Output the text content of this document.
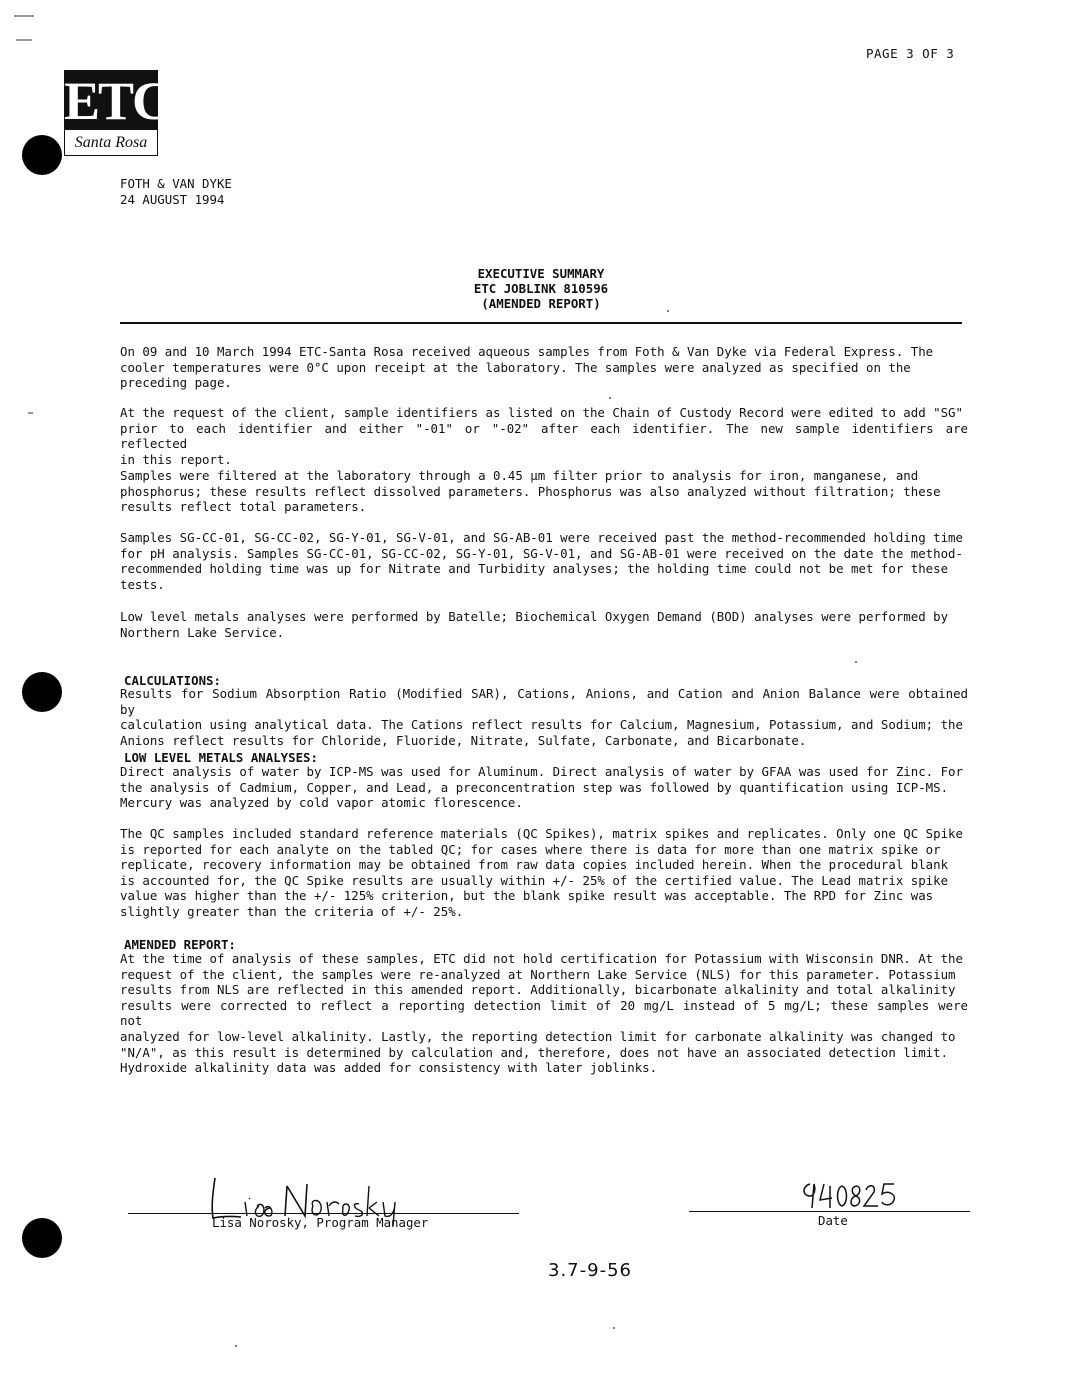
PAGE 3 OF 3
ETC
Santa Rosa
FOTH & VAN DYKE
24 AUGUST 1994
EXECUTIVE SUMMARY
ETC JOBLINK 810596
(AMENDED REPORT)
On 09 and 10 March 1994 ETC-Santa Rosa received aqueous samples from Foth & Van Dyke via Federal Express. The
cooler temperatures were 0°C upon receipt at the laboratory. The samples were analyzed as specified on the
preceding page.
At the request of the client, sample identifiers as listed on the Chain of Custody Record were edited to add "SG"
prior to each identifier and either "-01" or "-02" after each identifier. The new sample identifiers are reflected
in this report.
Samples were filtered at the laboratory through a 0.45 µm filter prior to analysis for iron, manganese, and
phosphorus; these results reflect dissolved parameters. Phosphorus was also analyzed without filtration; these
results reflect total parameters.
Samples SG-CC-01, SG-CC-02, SG-Y-01, SG-V-01, and SG-AB-01 were received past the method-recommended holding time
for pH analysis. Samples SG-CC-01, SG-CC-02, SG-Y-01, SG-V-01, and SG-AB-01 were received on the date the method-
recommended holding time was up for Nitrate and Turbidity analyses; the holding time could not be met for these
tests.
Low level metals analyses were performed by Batelle; Biochemical Oxygen Demand (BOD) analyses were performed by
Northern Lake Service.
CALCULATIONS:
Results for Sodium Absorption Ratio (Modified SAR), Cations, Anions, and Cation and Anion Balance were obtained by
calculation using analytical data. The Cations reflect results for Calcium, Magnesium, Potassium, and Sodium; the
Anions reflect results for Chloride, Fluoride, Nitrate, Sulfate, Carbonate, and Bicarbonate.
LOW LEVEL METALS ANALYSES:
Direct analysis of water by ICP-MS was used for Aluminum. Direct analysis of water by GFAA was used for Zinc. For
the analysis of Cadmium, Copper, and Lead, a preconcentration step was followed by quantification using ICP-MS.
Mercury was analyzed by cold vapor atomic florescence.
The QC samples included standard reference materials (QC Spikes), matrix spikes and replicates. Only one QC Spike
is reported for each analyte on the tabled QC; for cases where there is data for more than one matrix spike or
replicate, recovery information may be obtained from raw data copies included herein. When the procedural blank
is accounted for, the QC Spike results are usually within +/- 25% of the certified value. The Lead matrix spike
value was higher than the +/- 125% criterion, but the blank spike result was acceptable. The RPD for Zinc was
slightly greater than the criteria of +/- 25%.
AMENDED REPORT:
At the time of analysis of these samples, ETC did not hold certification for Potassium with Wisconsin DNR. At the
request of the client, the samples were re-analyzed at Northern Lake Service (NLS) for this parameter. Potassium
results from NLS are reflected in this amended report. Additionally, bicarbonate alkalinity and total alkalinity
results were corrected to reflect a reporting detection limit of 20 mg/L instead of 5 mg/L; these samples were not
analyzed for low-level alkalinity. Lastly, the reporting detection limit for carbonate alkalinity was changed to
"N/A", as this result is determined by calculation and, therefore, does not have an associated detection limit.
Hydroxide alkalinity data was added for consistency with later joblinks.
Lisa Norosky, Program Manager	Date
3.7-9-56
